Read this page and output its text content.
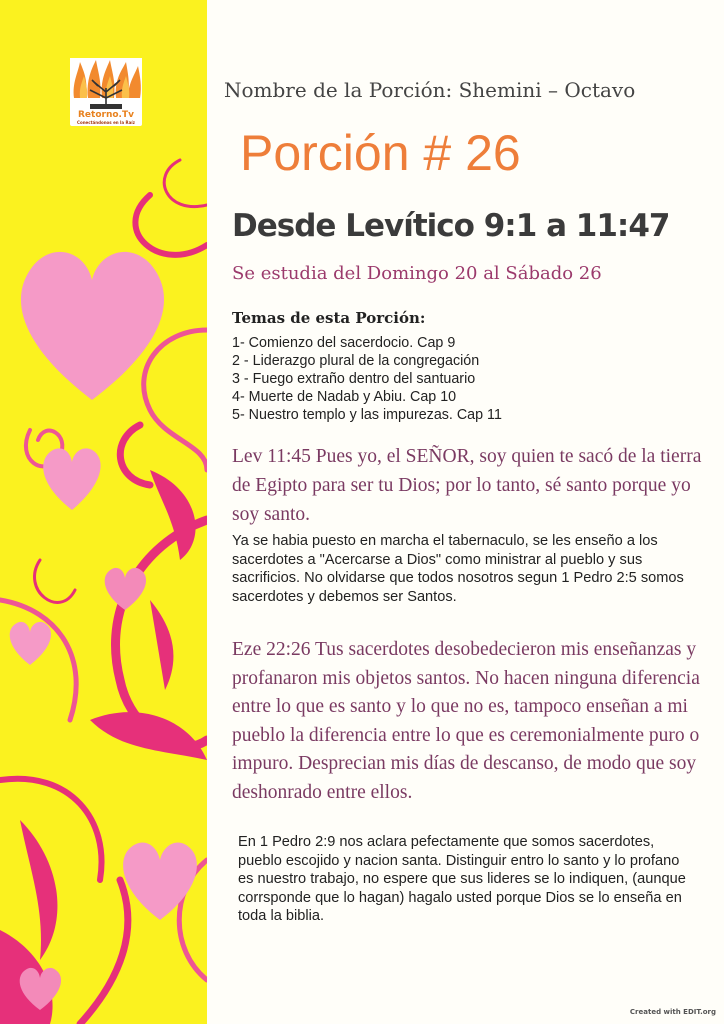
Retorno.Tv
Conectándonos en la Raíz

Nombre de la Porción: Shemini – Octavo

Porción # 26
Desde Levítico 9:1 a 11:47

Se estudia del Domingo 20 al Sábado 26

Temas de esta Porción:

1- Comienzo del sacerdocio. Cap 9
2 - Liderazgo plural de la congregación
3 - Fuego extraño dentro del santuario
4- Muerte de Nadab y Abiu. Cap 10
5- Nuestro templo y las impurezas. Cap 11

Lev 11:45 Pues yo, el SEÑOR, soy quien te sacó de la tierra de Egipto para ser tu Dios; por lo tanto, sé santo porque yo soy santo.

Ya se habia puesto en marcha el tabernaculo, se les enseño a los sacerdotes a "Acercarse a Dios" como ministrar al pueblo y sus sacrificios. No olvidarse que todos nosotros segun 1 Pedro 2:5 somos sacerdotes y debemos ser Santos.

Eze 22:26 Tus sacerdotes desobedecieron mis enseñanzas y profanaron mis objetos santos. No hacen ninguna diferencia entre lo que es santo y lo que no es, tampoco enseñan a mi pueblo la diferencia entre lo que es ceremonialmente puro o impuro. Desprecian mis días de descanso, de modo que soy deshonrado entre ellos.

En 1 Pedro 2:9 nos aclara pefectamente que somos sacerdotes, pueblo escojido y nacion santa. Distinguir entro lo santo y lo profano es nuestro trabajo, no espere que sus lideres se lo indiquen, (aunque corrsponde que lo hagan) hagalo usted porque Dios se lo enseña en toda la biblia.

Created with EDIT.org
